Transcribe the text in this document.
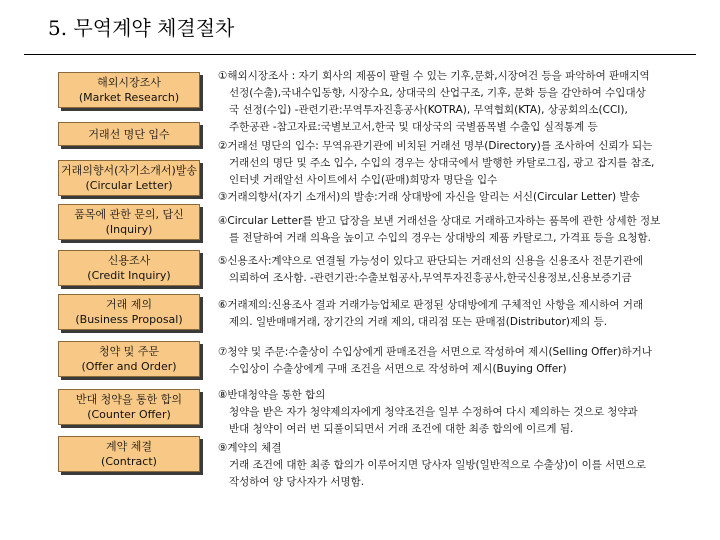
5. 무역계약 체결절차
해외시장조사
(Market Research)
거래선 명단 입수
거래의향서(자기소개서)발송
(Circular Letter)
품목에 관한 문의, 답신
(Inquiry)
신용조사
(Credit Inquiry)
거래 제의
(Business Proposal)
청약 및 주문
(Offer and Order)
반대 청약을 통한 합의
(Counter Offer)
계약 체결
(Contract)
①해외시장조사 : 자기 회사의 제품이 팔릴 수 있는 기후,문화,시장여건 등을 파악하여 판매지역
선정(수출),국내수입동향, 시장수요, 상대국의 산업구조, 기후, 문화 등을 감안하여 수입대상
국 선정(수입) -관련기관:무역투자진흥공사(KOTRA), 무역협회(KTA), 상공회의소(CCI),
주한공관 -참고자료:국별보고서,한국 및 대상국의 국별품목별 수출입 실적통계 등
②거래선 명단의 입수: 무역유관기관에 비치된 거래선 명부(Directory)를 조사하여 신뢰가 되는
거래선의 명단 및 주소 입수, 수입의 경우는 상대국에서 발행한 카탈로그집, 광고 잡지를 참조,
인터넷 거래알선 사이트에서 수입(판매)희망자 명단을 입수
③거래의향서(자기 소개서)의 발송:거래 상대방에 자신을 알리는 서신(Circular Letter) 발송
④Circular Letter를 받고 답장을 보낸 거래선을 상대로 거래하고자하는 품목에 관한 상세한 정보
를 전달하여 거래 의욕을 높이고 수입의 경우는 상대방의 제품 카탈로그, 가격표 등을 요청함.
⑤신용조사:계약으로 연결될 가능성이 있다고 판단되는 거래선의 신용을 신용조사 전문기관에
의뢰하여 조사함. -관련기관:수출보험공사,무역투자진흥공사,한국신용정보,신용보증기금
⑥거래제의:신용조사 결과 거래가능업체로 판정된 상대방에게 구체적인 사항을 제시하여 거래
제의. 일반매매거래, 장기간의 거래 제의, 대리점 또는 판매점(Distributor)제의 등.
⑦청약 및 주문:수출상이 수입상에게 판매조건을 서면으로 작성하여 제시(Selling Offer)하거나
수입상이 수출상에게 구매 조건을 서면으로 작성하여 제시(Buying Offer)
⑧반대청약을 통한 합의
청약을 받은 자가 청약제의자에게 청약조건을 일부 수정하여 다시 제의하는 것으로 청약과
반대 청약이 여러 번 되풀이되면서 거래 조건에 대한 최종 합의에 이르게 됨.
⑨계약의 체결
거래 조건에 대한 최종 합의가 이루어지면 당사자 일방(일반적으로 수출상)이 이를 서면으로
작성하여 양 당사자가 서명함.
